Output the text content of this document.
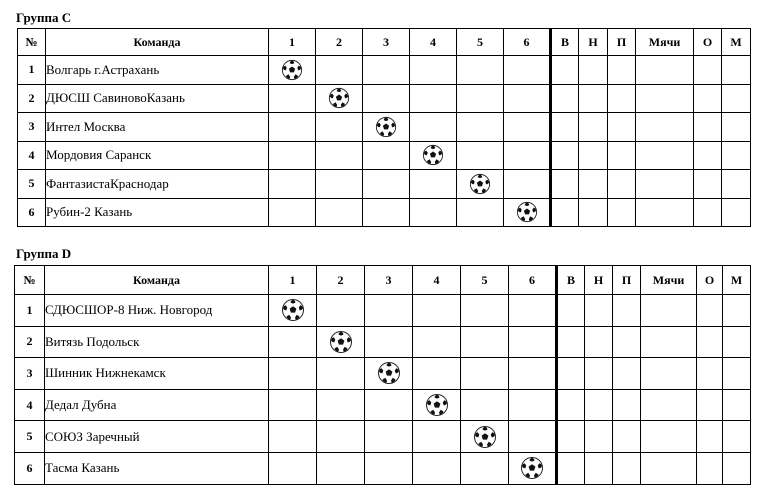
Группа C
№	Команда	1	2	3	4	5	6	В	Н	П	Мячи	О	М
1	Волгарь г.Астрахань	

2	ДЮСШ СавиновоКазань		

3	Интел Москва			

4	Мордовия Саранск				

5	ФантазистаКраснодар					

6	Рубин-2 Казань						

Группа D
№	Команда	1	2	3	4	5	6	В	Н	П	Мячи	О	М
1	СДЮСШОР-8 Ниж. Новгород	

2	Витязь Подольск		

3	Шинник Нижнекамск			

4	Дедал Дубна				

5	СОЮЗ Заречный					

6	Тасма Казань						
